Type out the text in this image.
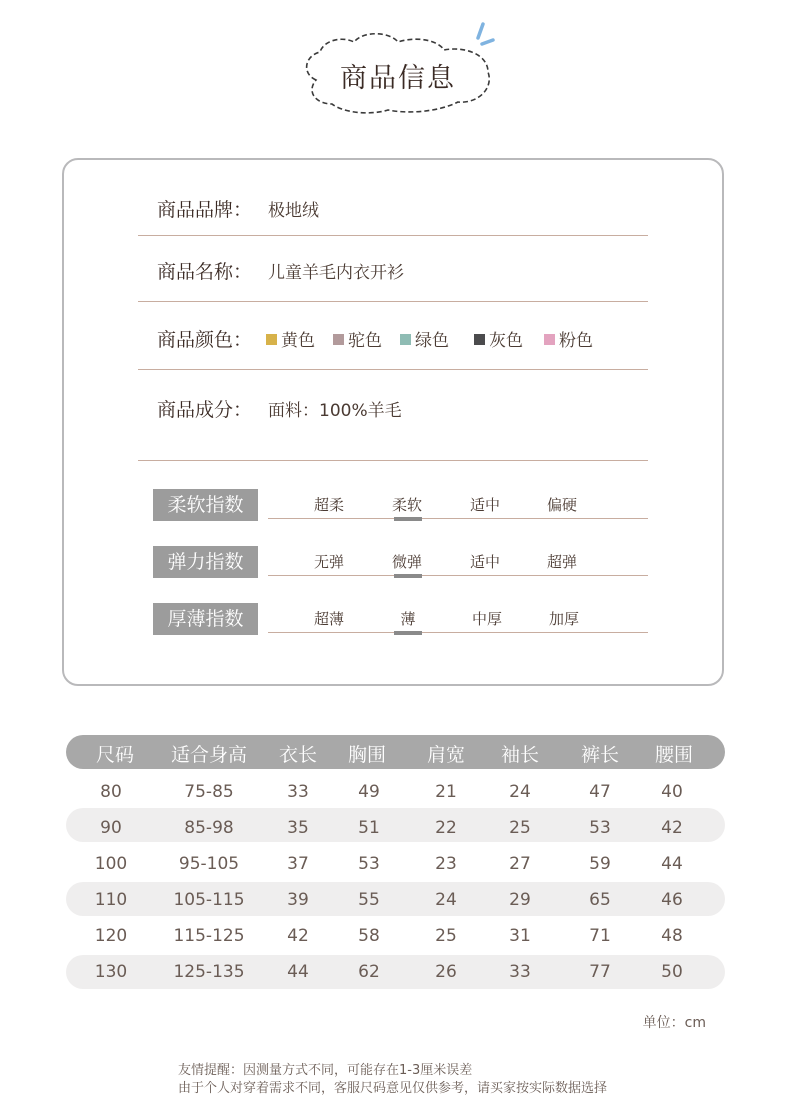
商品信息
商品品牌： 极地绒
商品名称： 儿童羊毛内衣开衫
商品颜色：	黄色	驼色	绿色	灰色	粉色
商品成分： 面料：100%羊毛
柔软指数	超柔	柔软	适中	偏硬
弹力指数	无弹	微弹	适中	超弹
厚薄指数	超薄	薄	中厚	加厚
尺码 适合身高 衣长 胸围 肩宽 袖长 裤长 腰围
80	75-85	33	49	21	24	47	40
90	85-98	35	51	22	25	53	42
100	95-105	37	53	23	27	59	44
110	105-115	39	55	24	29	65	46
120	115-125	42	58	25	31	71	48
130	125-135	44	62	26	33	77	50
单位：cm
友情提醒：因测量方式不同，可能存在1-3厘米误差
由于个人对穿着需求不同，客服尺码意见仅供参考，请买家按实际数据选择
